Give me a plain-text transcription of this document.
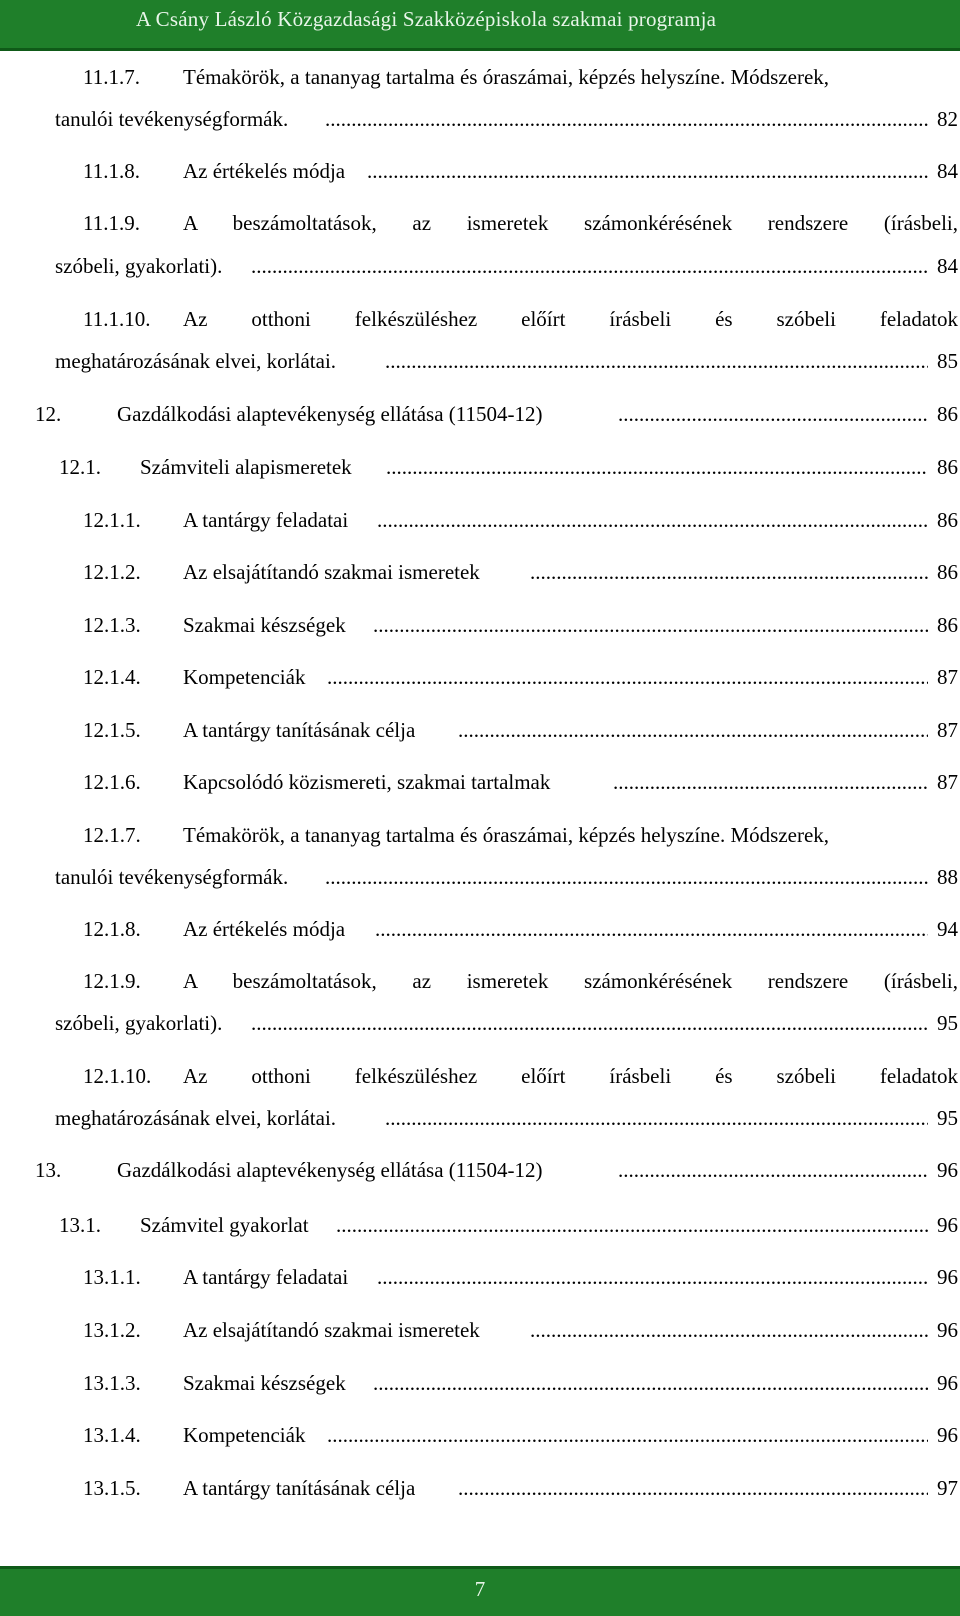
A Csány László Közgazdasági Szakközépiskola szakmai programja
11.1.7. Témakörök, a tananyag tartalma és óraszámai, képzés helyszíne. Módszerek,
tanulói tevékenységformák. .....	82
11.1.8. Az értékelés módja .....	84
11.1.9. A beszámoltatások, az ismeretek számonkérésének rendszere (írásbeli,
szóbeli, gyakorlati). .....	84
11.1.10. Az otthoni felkészüléshez előírt írásbeli és szóbeli feladatok
meghatározásának elvei, korlátai. .....	85
12.	Gazdálkodási alaptevékenység ellátása (11504-12) .....	86
12.1. Számviteli alapismeretek .....	86
12.1.1. A tantárgy feladatai .....	86
12.1.2. Az elsajátítandó szakmai ismeretek .....	86
12.1.3. Szakmai készségek .....	86
12.1.4. Kompetenciák .....	87
12.1.5. A tantárgy tanításának célja .....	87
12.1.6. Kapcsolódó közismereti, szakmai tartalmak .....	87
12.1.7. Témakörök, a tananyag tartalma és óraszámai, képzés helyszíne. Módszerek,
tanulói tevékenységformák. .....	88
12.1.8. Az értékelés módja .....	94
12.1.9. A beszámoltatások, az ismeretek számonkérésének rendszere (írásbeli,
szóbeli, gyakorlati). .....	95
12.1.10. Az otthoni felkészüléshez előírt írásbeli és szóbeli feladatok
meghatározásának elvei, korlátai. .....	95
13.	Gazdálkodási alaptevékenység ellátása (11504-12) .....	96
13.1. Számvitel gyakorlat .....	96
13.1.1. A tantárgy feladatai .....	96
13.1.2. Az elsajátítandó szakmai ismeretek .....	96
13.1.3. Szakmai készségek .....	96
13.1.4. Kompetenciák .....	96
13.1.5. A tantárgy tanításának célja .....	97
7
